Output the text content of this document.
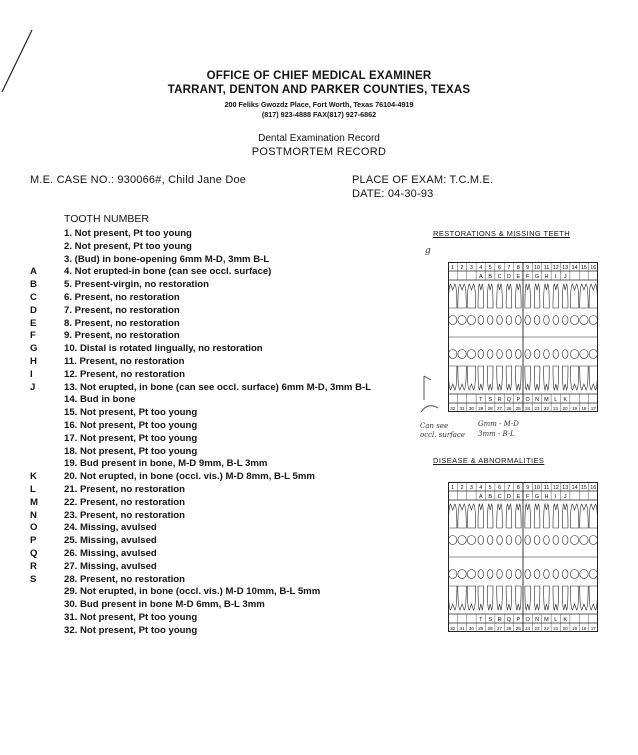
OFFICE OF CHIEF MEDICAL EXAMINER
TARRANT, DENTON AND PARKER COUNTIES, TEXAS
200 Feliks Gwozdz Place, Fort Worth, Texas 76104-4919
(817) 923-4888 FAX(817) 927-6862
Dental Examination Record
POSTMORTEM RECORD
M.E. CASE NO.: 930066#, Child Jane Doe	PLACE OF EXAM: T.C.M.E.
DATE: 04-30-93
TOOTH NUMBER
1. Not present, Pt too young
2. Not present, Pt too young
3. (Bud) in bone-opening 6mm M-D, 3mm B-L
A	4. Not erupted-in bone (can see occl. surface)
B	5. Present-virgin, no restoration
C	6. Present, no restoration
D	7. Present, no restoration
E	8. Present, no restoration
F	9. Present, no restoration
G	10. Distal is rotated lingually, no restoration
H	11. Present, no restoration
I	12. Present, no restoration
J	13. Not erupted, in bone (can see occl. surface) 6mm M-D, 3mm B-L
14. Bud in bone
15. Not present, Pt too young
16. Not present, Pt too young
17. Not present, Pt too young
18. Not present, Pt too young
19. Bud present in bone, M-D 9mm, B-L 3mm
K	20. Not erupted, in bone (occl. vis.) M-D 8mm, B-L 5mm
L	21. Present, no restoration
M	22. Present, no restoration
N	23. Present, no restoration
O	24. Missing, avulsed
P	25. Missing, avulsed
Q	26. Missing, avulsed
R	27. Missing, avulsed
S	28. Present, no restoration
29. Not erupted, in bone (occl. vis.) M-D 10mm, B-L 5mm
30. Bud present in bone M-D 6mm, B-L 3mm
31. Not present, Pt too young
32. Not present, Pt too young
RESTORATIONS & MISSING TEETH
1 2 3 4 5 6 7 8 9 10 11 12 13 14 15 16
A B C D E F G H I J
T S R Q P O N M L K
32 31 30 29 28 27 26 25 24 23 22 21 20 19 18 17
DISEASE & ABNORMALITIES
1 2 3 4 5 6 7 8 9 10 11 12 13 14 15 16
A B C D E F G H I J
T S R Q P O N M L K
32 31 30 29 28 27 26 25 24 23 22 21 20 19 18 17
g
Can see
occl. surface
Gmm - M-D
3mm - B-L
